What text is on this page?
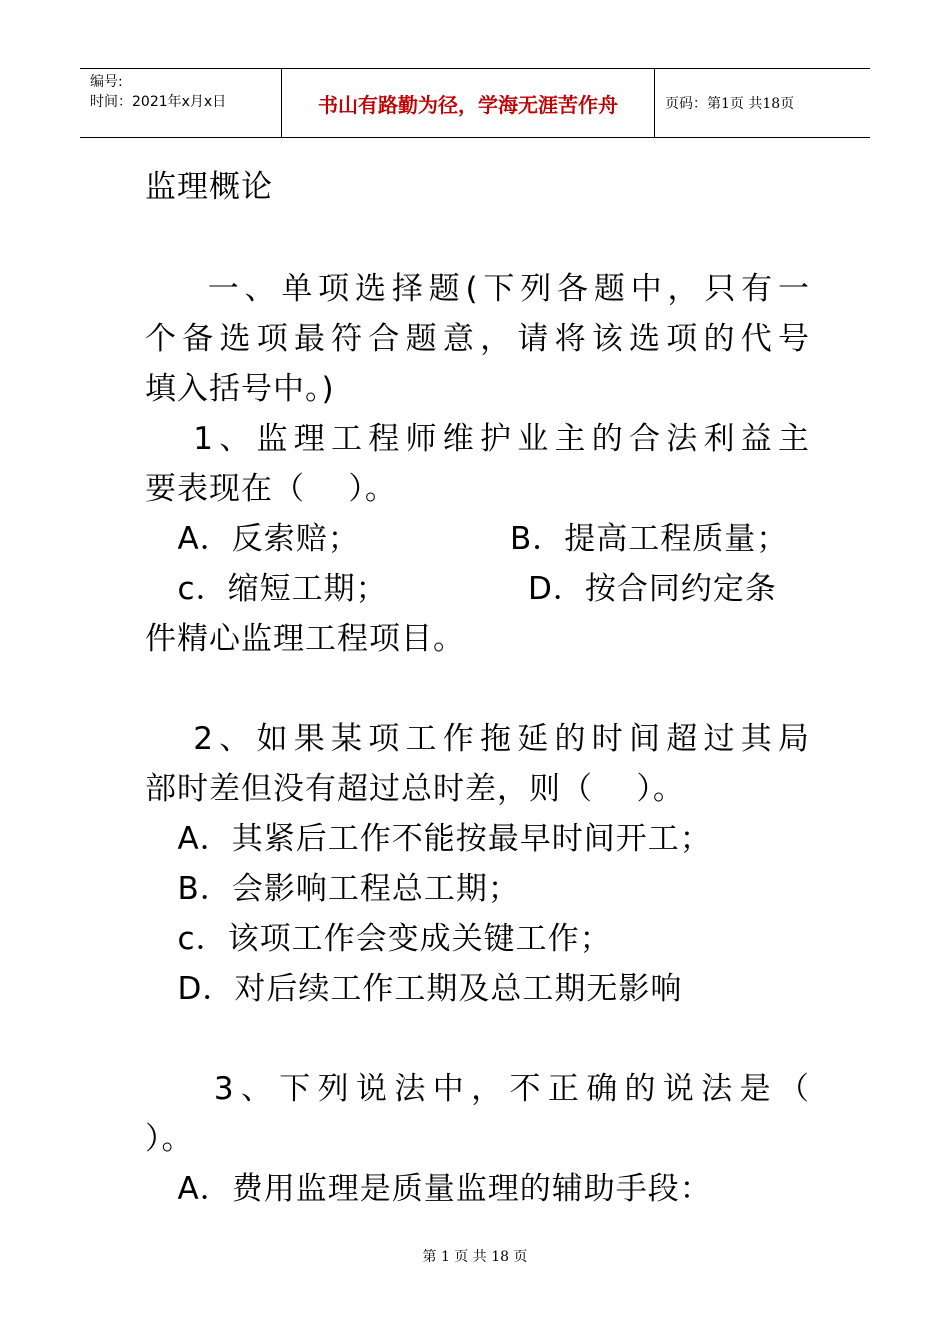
编号:
时间：2021年x月x日	书山有路勤为径，学海无涯苦作舟	页码：第1页 共18页
监理概论
一、单项选择题(下列各题中，只有一
个备选项最符合题意，请将该选项的代号
填入括号中。)
1、监理工程师维护业主的合法利益主
要表现在（    ）。
A．反索赔；	B．提高工程质量；
c．缩短工期；	D．按合同约定条
件精心监理工程项目。
2、如果某项工作拖延的时间超过其局
部时差但没有超过总时差，则（    ）。
A．其紧后工作不能按最早时间开工；
B．会影响工程总工期；
c．该项工作会变成关键工作；
D．对后续工作工期及总工期无影响
3、下列说法中，不正确的说法是（
）。
A．费用监理是质量监理的辅助手段：
第 1 页 共 18 页
